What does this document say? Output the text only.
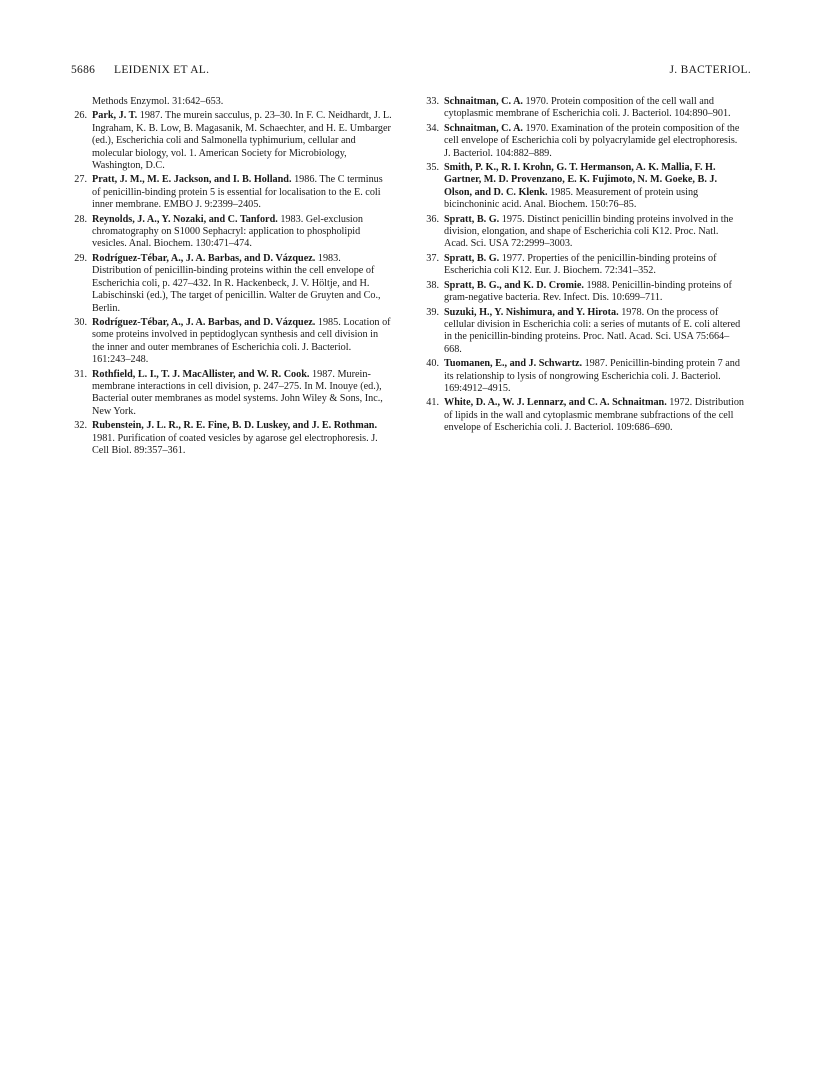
5686 LEIDENIX ET AL.	J. BACTERIOL.
Methods Enzymol. 31:642–653.
26. Park, J. T. 1987. The murein sacculus, p. 23–30. In F. C. Neidhardt, J. L. Ingraham, K. B. Low, B. Magasanik, M. Schaechter, and H. E. Umbarger (ed.), Escherichia coli and Salmonella typhimurium, cellular and molecular biology, vol. 1. American Society for Microbiology, Washington, D.C.
27. Pratt, J. M., M. E. Jackson, and I. B. Holland. 1986. The C terminus of penicillin-binding protein 5 is essential for localisation to the E. coli inner membrane. EMBO J. 9:2399–2405.
28. Reynolds, J. A., Y. Nozaki, and C. Tanford. 1983. Gel-exclusion chromatography on S1000 Sephacryl: application to phospholipid vesicles. Anal. Biochem. 130:471–474.
29. Rodríguez-Tébar, A., J. A. Barbas, and D. Vázquez. 1983. Distribution of penicillin-binding proteins within the cell envelope of Escherichia coli, p. 427–432. In R. Hackenbeck, J. V. Höltje, and H. Labischinski (ed.), The target of penicillin. Walter de Gruyten and Co., Berlin.
30. Rodríguez-Tébar, A., J. A. Barbas, and D. Vázquez. 1985. Location of some proteins involved in peptidoglycan synthesis and cell division in the inner and outer membranes of Escherichia coli. J. Bacteriol. 161:243–248.
31. Rothfield, L. I., T. J. MacAllister, and W. R. Cook. 1987. Murein-membrane interactions in cell division, p. 247–275. In M. Inouye (ed.), Bacterial outer membranes as model systems. John Wiley & Sons, Inc., New York.
32. Rubenstein, J. L. R., R. E. Fine, B. D. Luskey, and J. E. Rothman. 1981. Purification of coated vesicles by agarose gel electrophoresis. J. Cell Biol. 89:357–361.
33. Schnaitman, C. A. 1970. Protein composition of the cell wall and cytoplasmic membrane of Escherichia coli. J. Bacteriol. 104:890–901.
34. Schnaitman, C. A. 1970. Examination of the protein composition of the cell envelope of Escherichia coli by polyacrylamide gel electrophoresis. J. Bacteriol. 104:882–889.
35. Smith, P. K., R. I. Krohn, G. T. Hermanson, A. K. Mallia, F. H. Gartner, M. D. Provenzano, E. K. Fujimoto, N. M. Goeke, B. J. Olson, and D. C. Klenk. 1985. Measurement of protein using bicinchoninic acid. Anal. Biochem. 150:76–85.
36. Spratt, B. G. 1975. Distinct penicillin binding proteins involved in the division, elongation, and shape of Escherichia coli K12. Proc. Natl. Acad. Sci. USA 72:2999–3003.
37. Spratt, B. G. 1977. Properties of the penicillin-binding proteins of Escherichia coli K12. Eur. J. Biochem. 72:341–352.
38. Spratt, B. G., and K. D. Cromie. 1988. Penicillin-binding proteins of gram-negative bacteria. Rev. Infect. Dis. 10:699–711.
39. Suzuki, H., Y. Nishimura, and Y. Hirota. 1978. On the process of cellular division in Escherichia coli: a series of mutants of E. coli altered in the penicillin-binding proteins. Proc. Natl. Acad. Sci. USA 75:664–668.
40. Tuomanen, E., and J. Schwartz. 1987. Penicillin-binding protein 7 and its relationship to lysis of nongrowing Escherichia coli. J. Bacteriol. 169:4912–4915.
41. White, D. A., W. J. Lennarz, and C. A. Schnaitman. 1972. Distribution of lipids in the wall and cytoplasmic membrane subfractions of the cell envelope of Escherichia coli. J. Bacteriol. 109:686–690.
